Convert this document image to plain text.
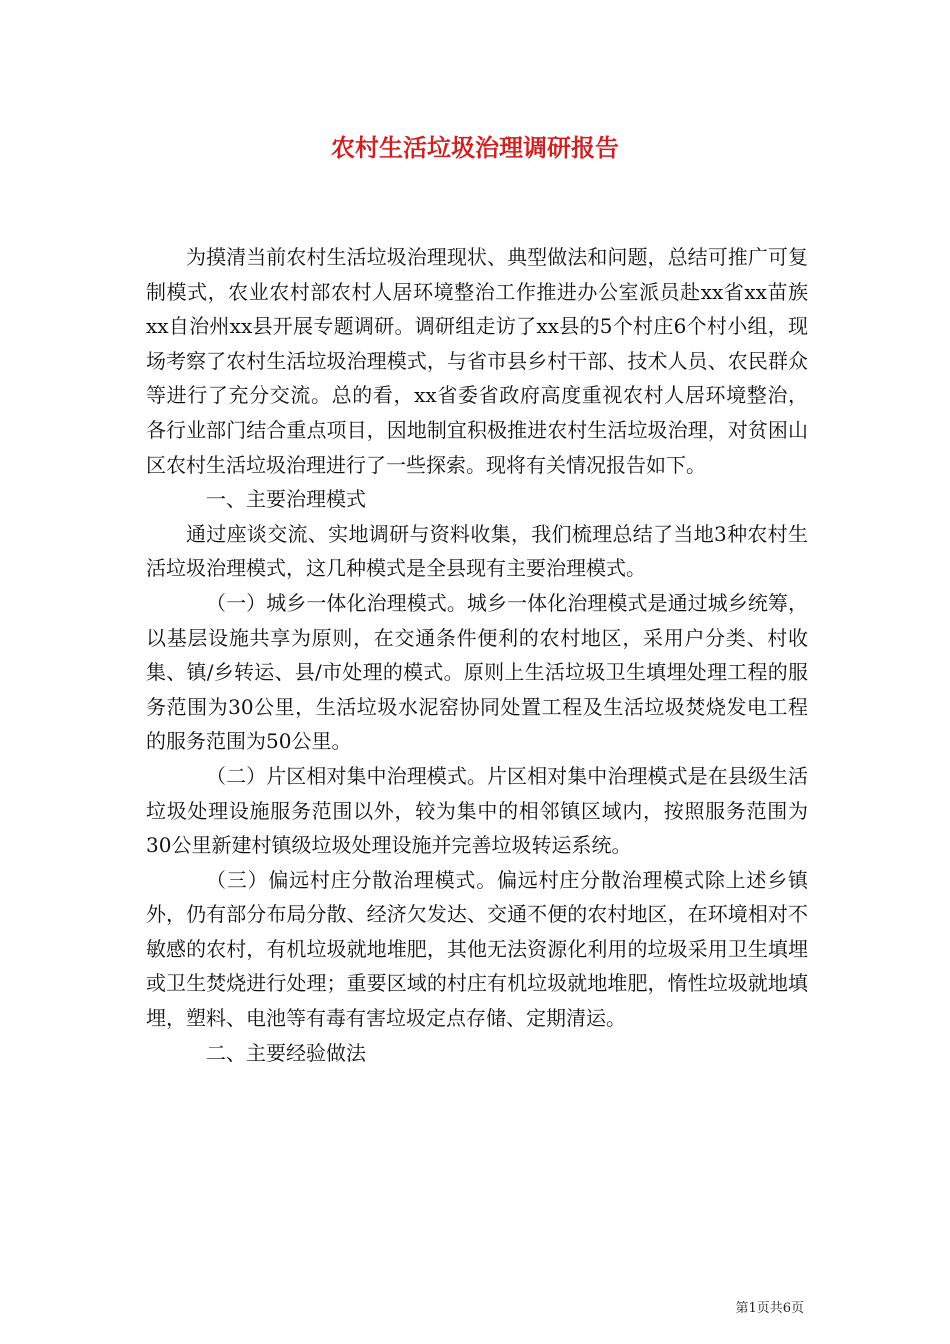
农村生活垃圾治理调研报告

为摸清当前农村生活垃圾治理现状、典型做法和问题，总结可推广可复制模式，农业农村部农村人居环境整治工作推进办公室派员赴xx省xx苗族xx自治州xx县开展专题调研。调研组走访了xx县的5个村庄6个村小组，现场考察了农村生活垃圾治理模式，与省市县乡村干部、技术人员、农民群众等进行了充分交流。总的看，xx省委省政府高度重视农村人居环境整治，各行业部门结合重点项目，因地制宜积极推进农村生活垃圾治理，对贫困山区农村生活垃圾治理进行了一些探索。现将有关情况报告如下。

一、主要治理模式

通过座谈交流、实地调研与资料收集，我们梳理总结了当地3种农村生活垃圾治理模式，这几种模式是全县现有主要治理模式。

（一）城乡一体化治理模式。城乡一体化治理模式是通过城乡统筹，以基层设施共享为原则，在交通条件便利的农村地区，采用户分类、村收集、镇/乡转运、县/市处理的模式。原则上生活垃圾卫生填埋处理工程的服务范围为30公里，生活垃圾水泥窑协同处置工程及生活垃圾焚烧发电工程的服务范围为50公里。

（二）片区相对集中治理模式。片区相对集中治理模式是在县级生活垃圾处理设施服务范围以外，较为集中的相邻镇区域内，按照服务范围为30公里新建村镇级垃圾处理设施并完善垃圾转运系统。

（三）偏远村庄分散治理模式。偏远村庄分散治理模式除上述乡镇外，仍有部分布局分散、经济欠发达、交通不便的农村地区，在环境相对不敏感的农村，有机垃圾就地堆肥，其他无法资源化利用的垃圾采用卫生填埋或卫生焚烧进行处理；重要区域的村庄有机垃圾就地堆肥，惰性垃圾就地填埋，塑料、电池等有毒有害垃圾定点存储、定期清运。

二、主要经验做法

第1页共6页
